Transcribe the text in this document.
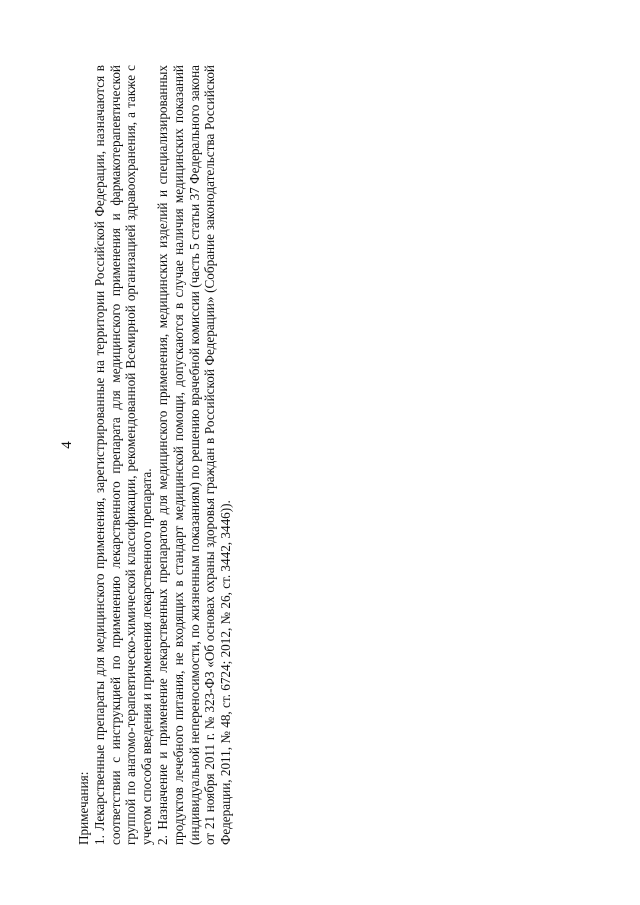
4

Примечания: 1. Лекарственные препараты для медицинского применения, зарегистрированные на территории Российской Федерации, назначаются в соответствии с инструкцией по применению лекарственного препарата для медицинского применения и фармакотерапевтической группой по анатомо-терапевтическо-химической классификации, рекомендованной Всемирной организацией здравоохранения, а также с учетом способа введения и применения лекарственного препарата. 2. Назначение и применение лекарственных препаратов для медицинского применения, медицинских изделий и специализированных продуктов лечебного питания, не входящих в стандарт медицинской помощи, допускаются в случае наличия медицинских показаний (индивидуальной непереносимости, по жизненным показаниям) по решению врачебной комиссии (часть 5 статьи 37 Федерального закона от 21 ноября 2011 г. № 323-ФЗ «Об основах охраны здоровья граждан в Российской Федерации» (Собрание законодательства Российской Федерации, 2011, № 48, ст. 6724; 2012, № 26, ст. 3442, 3446)).
